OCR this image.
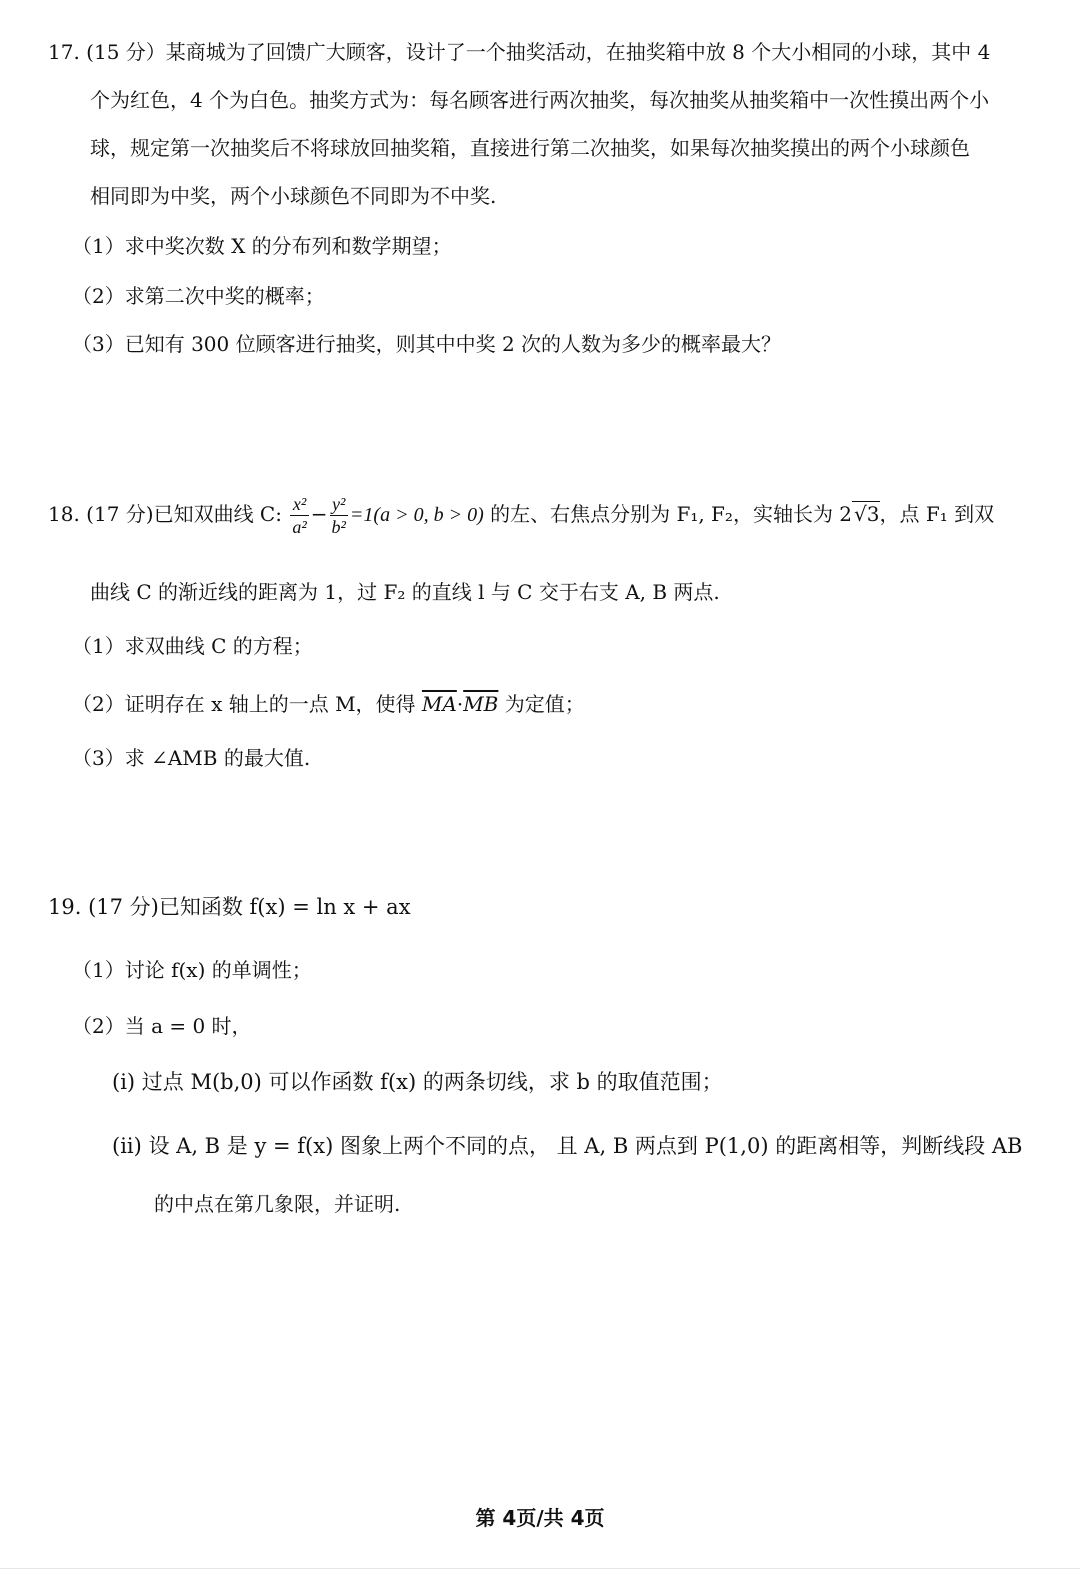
17. (15 分）某商城为了回馈广大顾客，设计了一个抽奖活动，在抽奖箱中放 8 个大小相同的小球，其中 4
个为红色，4 个为白色。抽奖方式为：每名顾客进行两次抽奖，每次抽奖从抽奖箱中一次性摸出两个小
球，规定第一次抽奖后不将球放回抽奖箱，直接进行第二次抽奖，如果每次抽奖摸出的两个小球颜色
相同即为中奖，两个小球颜色不同即为不中奖.
（1）求中奖次数 X 的分布列和数学期望；
（2）求第二次中奖的概率；
（3）已知有 300 位顾客进行抽奖，则其中中奖 2 次的人数为多少的概率最大？
18. (17 分)已知双曲线 C: $\frac{\text{x²}}{\text{a²}} - \frac{\text{y²}}{\text{b²}} =1(a > 0$, b > 0) 的左、右焦点分别为 F₁, F₂，实轴长为 2 √3，点 F₁ 到双
曲线 C 的渐近线的距离为 1，过 F₂ 的直线 l 与 C 交于右支 A, B 两点.
（1）求双曲线 C 的方程；
（2）证明存在 x 轴上的一点 M，使得 $\overline{MA}\cdot\overline{MB}$ 为定值；
（3）求 ∠AMB 的最大值.
19. (17 分)已知函数 f(x) = ln x + ax
（1）讨论 f(x) 的单调性；
（2）当 a = 0 时，
(i) 过点 M(b,0) 可以作函数 f(x) 的两条切线，求 b 的取值范围；
(ii) 设 A, B 是 y = f(x) 图象上两个不同的点， 且 A, B 两点到 P(1,0) 的距离相等，判断线段 AB
的中点在第几象限，并证明.
第 4页/共 4页
